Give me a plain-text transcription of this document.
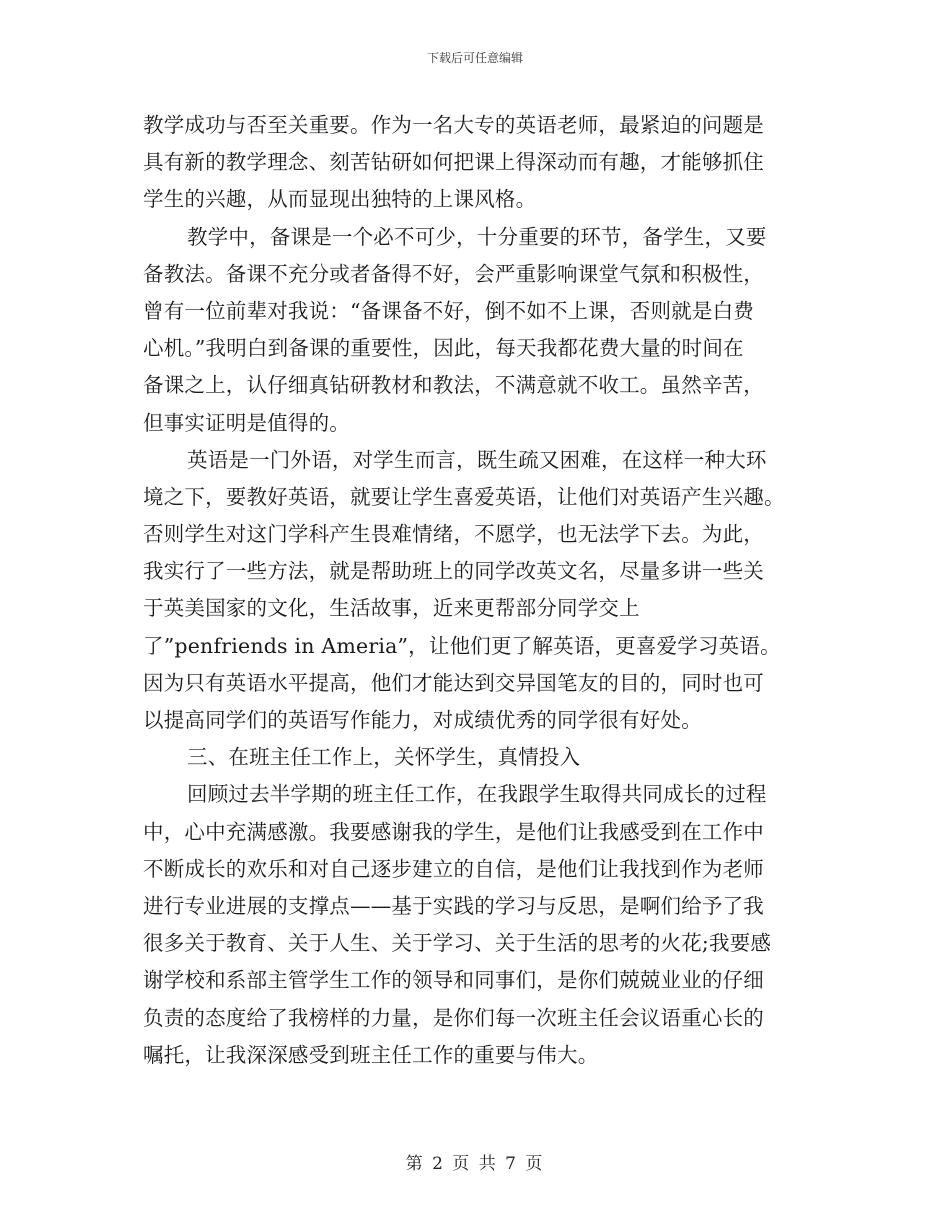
下载后可任意编辑
教学成功与否至关重要。作为一名大专的英语老师，最紧迫的问题是
具有新的教学理念、刻苦钻研如何把课上得深动而有趣，才能够抓住
学生的兴趣，从而显现出独特的上课风格。
教学中，备课是一个必不可少，十分重要的环节，备学生，又要
备教法。备课不充分或者备得不好，会严重影响课堂气氛和积极性，
曾有一位前辈对我说：“备课备不好，倒不如不上课，否则就是白费
心机。”我明白到备课的重要性，因此，每天我都花费大量的时间在
备课之上，认仔细真钻研教材和教法，不满意就不收工。虽然辛苦，
但事实证明是值得的。
英语是一门外语，对学生而言，既生疏又困难，在这样一种大环
境之下，要教好英语，就要让学生喜爱英语，让他们对英语产生兴趣。
否则学生对这门学科产生畏难情绪，不愿学，也无法学下去。为此，
我实行了一些方法，就是帮助班上的同学改英文名，尽量多讲一些关
于英美国家的文化，生活故事，近来更帮部分同学交上
了”penfriends in Ameria”，让他们更了解英语，更喜爱学习英语。
因为只有英语水平提高，他们才能达到交异国笔友的目的，同时也可
以提高同学们的英语写作能力，对成绩优秀的同学很有好处。
三、在班主任工作上，关怀学生，真情投入
回顾过去半学期的班主任工作，在我跟学生取得共同成长的过程
中，心中充满感激。我要感谢我的学生，是他们让我感受到在工作中
不断成长的欢乐和对自己逐步建立的自信，是他们让我找到作为老师
进行专业进展的支撑点——基于实践的学习与反思，是啊们给予了我
很多关于教育、关于人生、关于学习、关于生活的思考的火花;我要感
谢学校和系部主管学生工作的领导和同事们，是你们兢兢业业的仔细
负责的态度给了我榜样的力量，是你们每一次班主任会议语重心长的
嘱托，让我深深感受到班主任工作的重要与伟大。
第 2 页 共 7 页
